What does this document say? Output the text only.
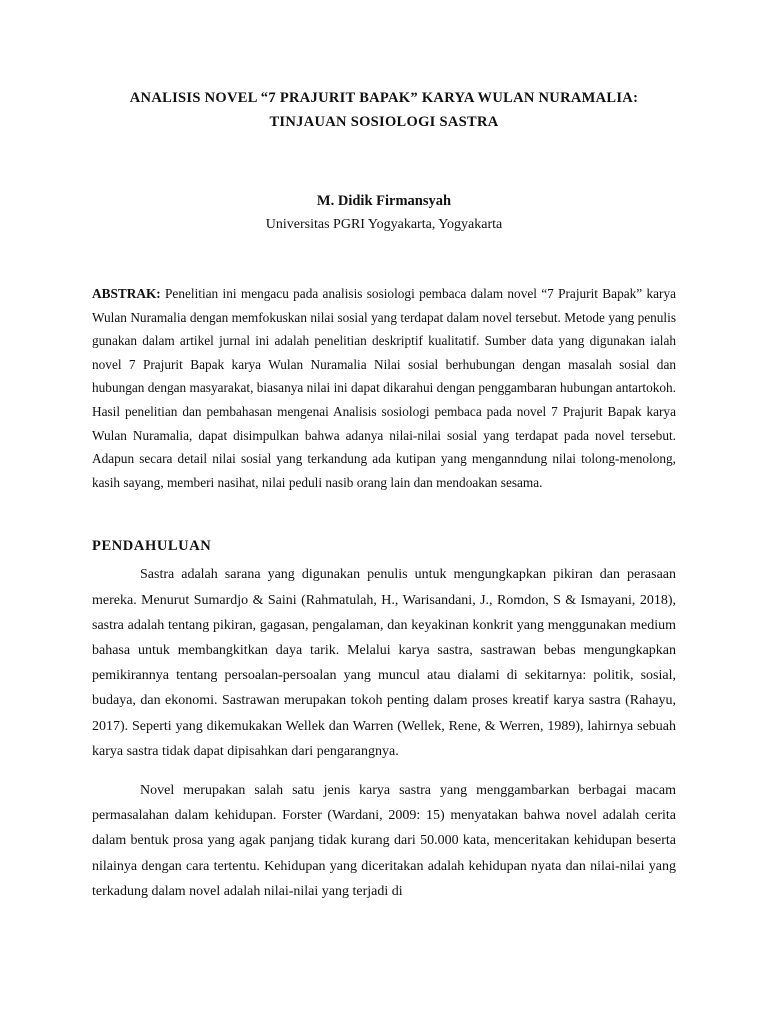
ANALISIS NOVEL “7 PRAJURIT BAPAK” KARYA WULAN NURAMALIA:
TINJAUAN SOSIOLOGI SASTRA

M. Didik Firmansyah

Universitas PGRI Yogyakarta, Yogyakarta

ABSTRAK: Penelitian ini mengacu pada analisis sosiologi pembaca dalam novel “7 Prajurit Bapak” karya Wulan Nuramalia dengan memfokuskan nilai sosial yang terdapat dalam novel tersebut. Metode yang penulis gunakan dalam artikel jurnal ini adalah penelitian deskriptif kualitatif. Sumber data yang digunakan ialah novel 7 Prajurit Bapak karya Wulan Nuramalia Nilai sosial berhubungan dengan masalah sosial dan hubungan dengan masyarakat, biasanya nilai ini dapat dikarahui dengan penggambaran hubungan antartokoh. Hasil penelitian dan pembahasan mengenai Analisis sosiologi pembaca pada novel 7 Prajurit Bapak karya Wulan Nuramalia, dapat disimpulkan bahwa adanya nilai-nilai sosial yang terdapat pada novel tersebut. Adapun secara detail nilai sosial yang terkandung ada kutipan yang menganndung nilai tolong-menolong, kasih sayang, memberi nasihat, nilai peduli nasib orang lain dan mendoakan sesama.

PENDAHULUAN

Sastra adalah sarana yang digunakan penulis untuk mengungkapkan pikiran dan perasaan mereka. Menurut Sumardjo & Saini (Rahmatulah, H., Warisandani, J., Romdon, S & Ismayani, 2018), sastra adalah tentang pikiran, gagasan, pengalaman, dan keyakinan konkrit yang menggunakan medium bahasa untuk membangkitkan daya tarik. Melalui karya sastra, sastrawan bebas mengungkapkan pemikirannya tentang persoalan-persoalan yang muncul atau dialami di sekitarnya: politik, sosial, budaya, dan ekonomi. Sastrawan merupakan tokoh penting dalam proses kreatif karya sastra (Rahayu, 2017). Seperti yang dikemukakan Wellek dan Warren (Wellek, Rene, & Werren, 1989), lahirnya sebuah karya sastra tidak dapat dipisahkan dari pengarangnya.

Novel merupakan salah satu jenis karya sastra yang menggambarkan berbagai macam permasalahan dalam kehidupan. Forster (Wardani, 2009: 15) menyatakan bahwa novel adalah cerita dalam bentuk prosa yang agak panjang tidak kurang dari 50.000 kata, menceritakan kehidupan beserta nilainya dengan cara tertentu. Kehidupan yang diceritakan adalah kehidupan nyata dan nilai-nilai yang terkadung dalam novel adalah nilai-nilai yang terjadi di
